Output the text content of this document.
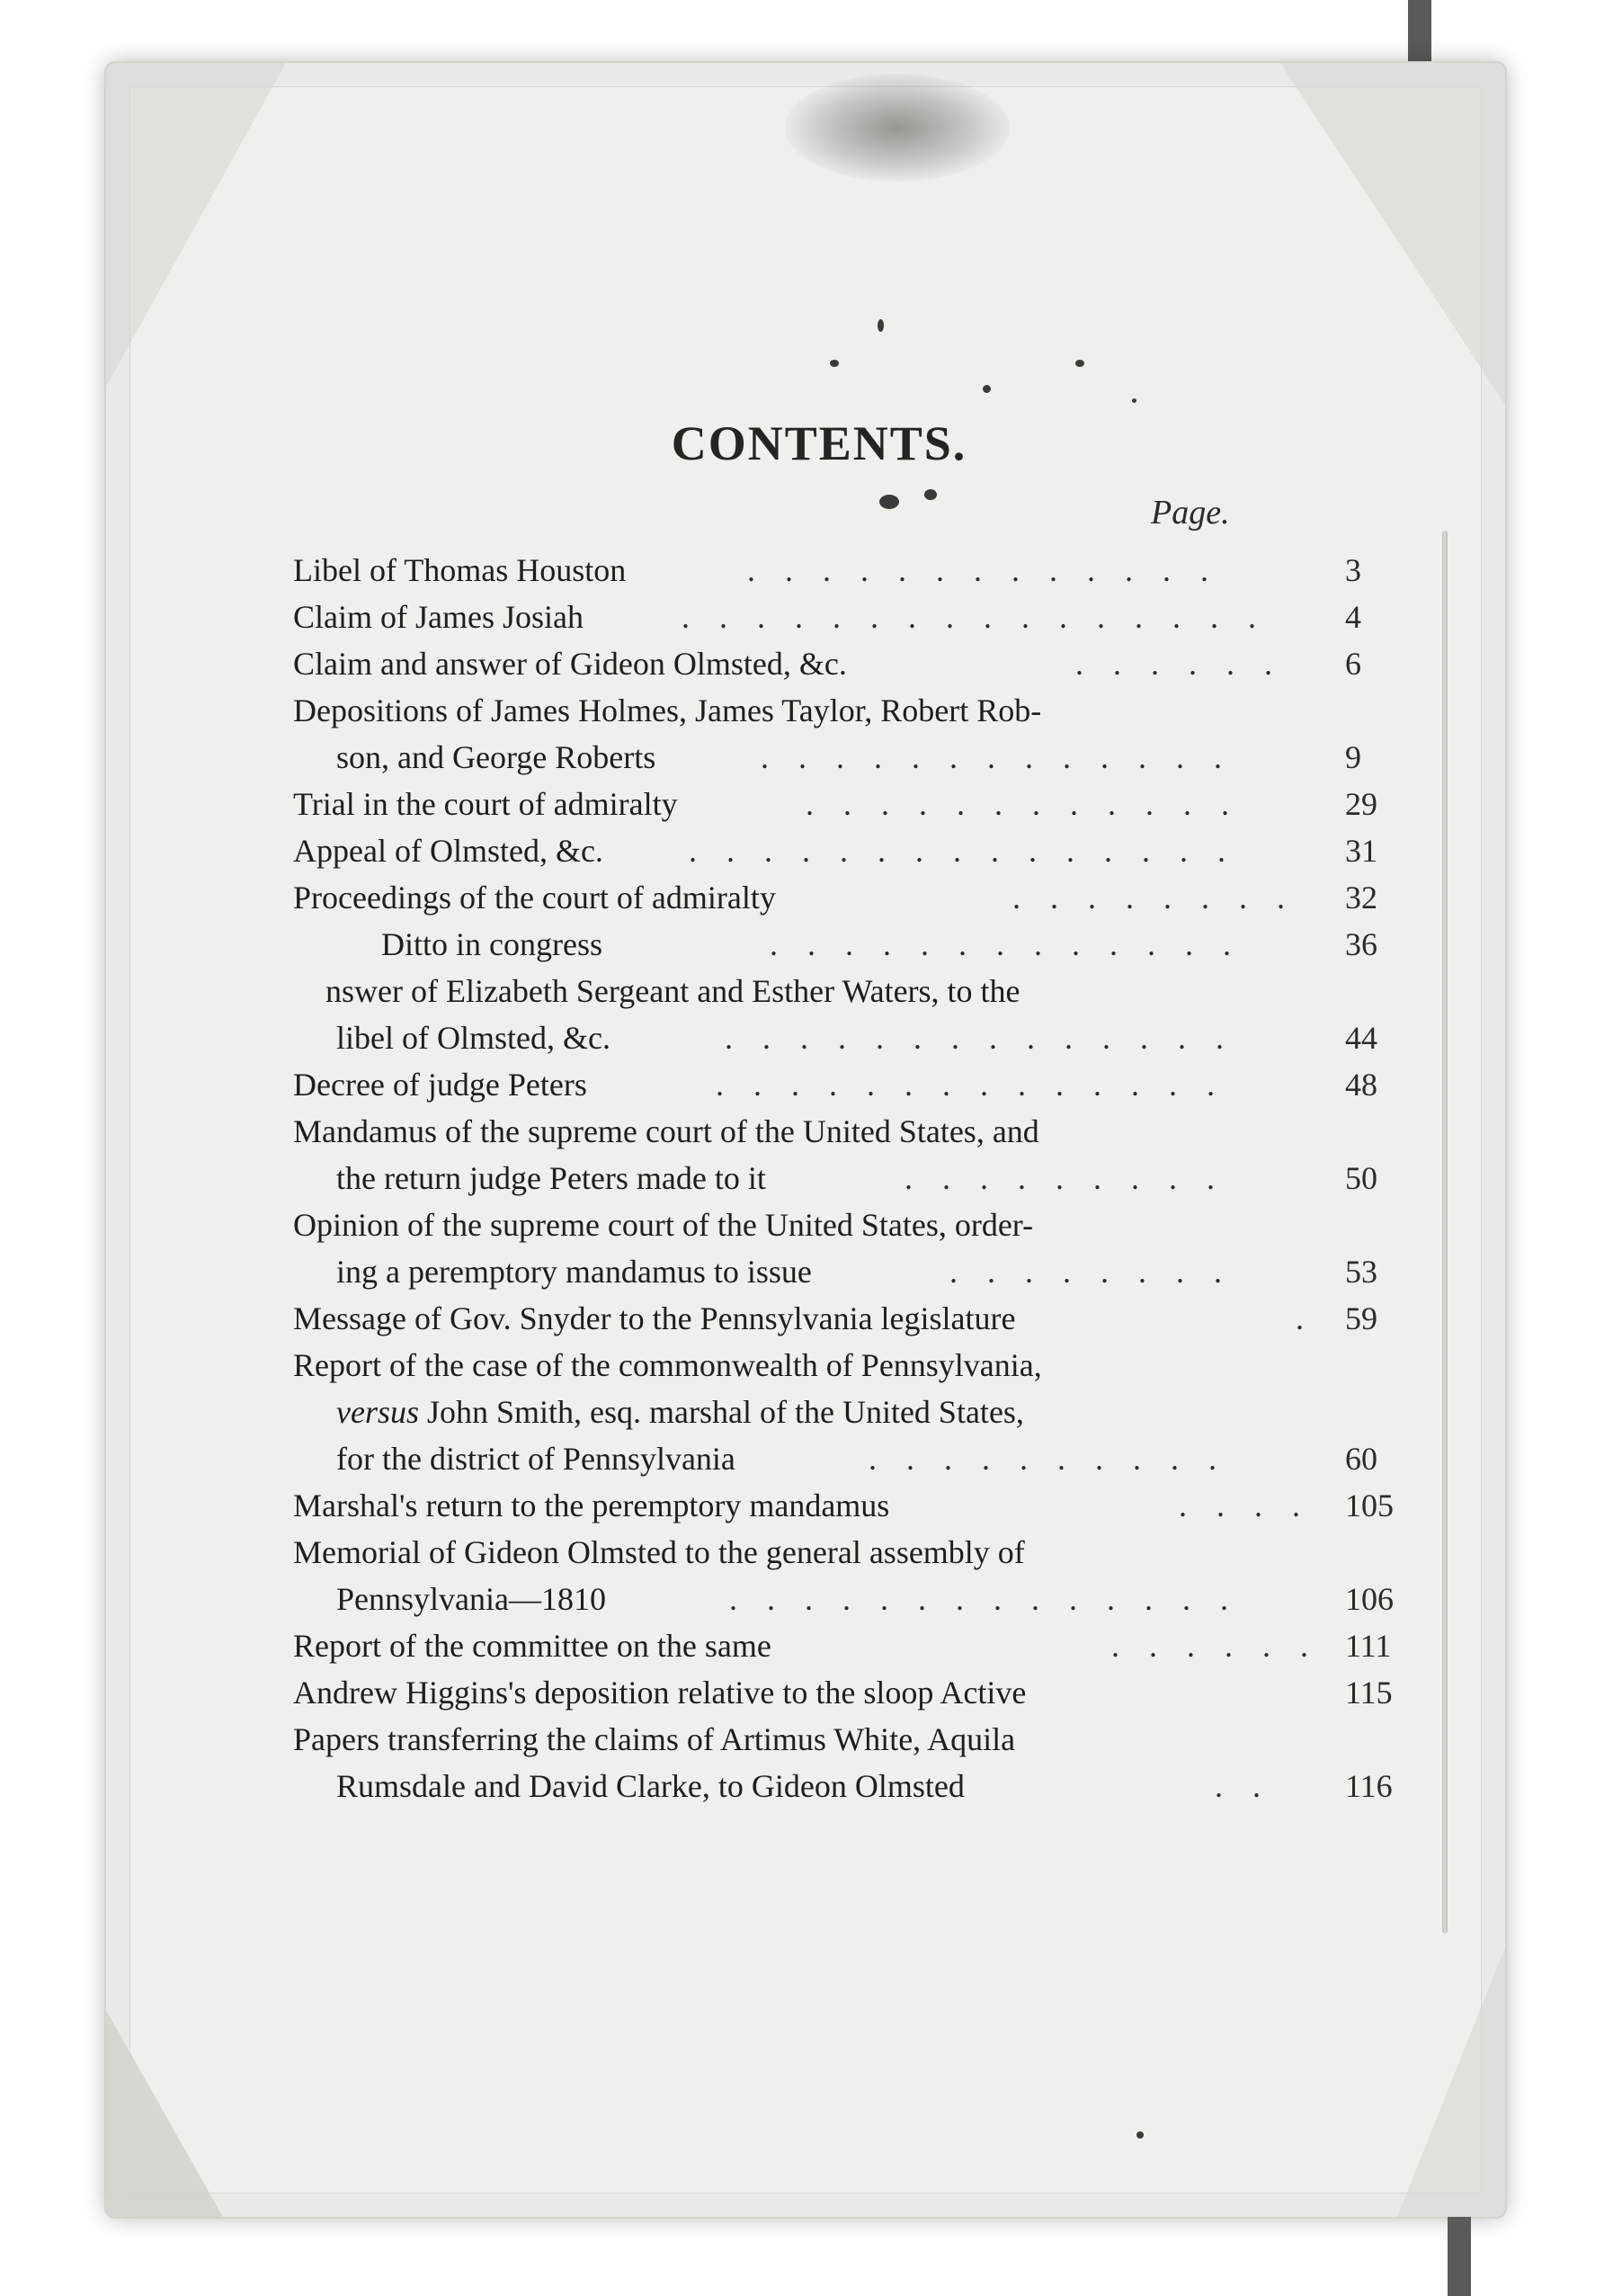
CONTENTS.
Page.
Libel of Thomas Houston	. . . . . . . . . . . . .	3
Claim of James Josiah	. . . . . . . . . . . . . . . . 4
Claim and answer of Gideon Olmsted, &c.	. . . . . . 6
Depositions of James Holmes, James Taylor, Robert Rob-
son, and George Roberts	. . . . . . . . . . . . .	9
Trial in the court of admiralty	. . . . . . . . . . . .	29
Appeal of Olmsted, &c.	. . . . . . . . . . . . . . .	31
Proceedings of the court of admiralty	. . . . . . . . 32
Ditto in congress	. . . . . . . . . . . . .	36
nswer of Elizabeth Sergeant and Esther Waters, to the
libel of Olmsted, &c.	. . . . . . . . . . . . . .	44
Decree of judge Peters	. . . . . . . . . . . . . .	48
Mandamus of the supreme court of the United States, and
the return judge Peters made to it	. . . . . . . . .	50
Opinion of the supreme court of the United States, order-
ing a peremptory mandamus to issue	. . . . . . . .	53
Message of Gov. Snyder to the Pennsylvania legislature	. 59
Report of the case of the commonwealth of Pennsylvania,
versus John Smith, esq. marshal of the United States,
for the district of Pennsylvania	. . . . . . . . . .	60
Marshal's return to the peremptory mandamus	. . . . 105
Memorial of Gideon Olmsted to the general assembly of
Pennsylvania—1810	. . . . . . . . . . . . . .	106
Report of the committee on the same	. . . . . . 111
Andrew Higgins's deposition relative to the sloop Active	115
Papers transferring the claims of Artimus White, Aquila
Rumsdale and David Clarke, to Gideon Olmsted	. . 116
